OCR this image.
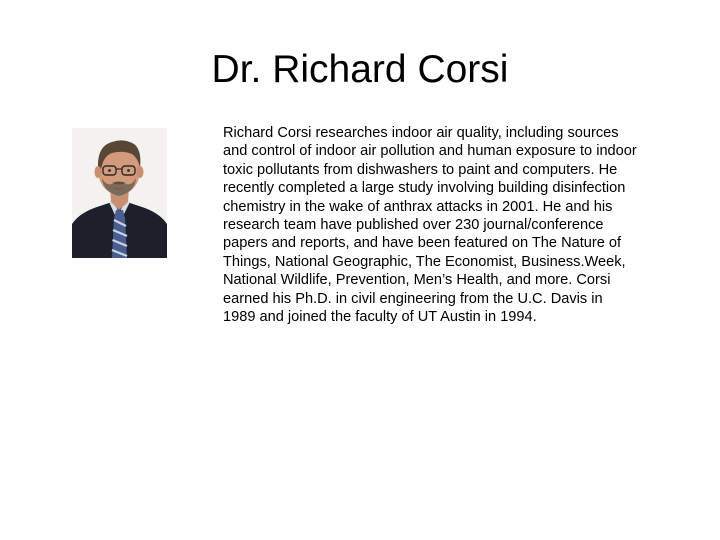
Dr. Richard Corsi
Richard Corsi researches indoor air quality, including sources
and control of indoor air pollution and human exposure to indoor
toxic pollutants from dishwashers to paint and computers. He
recently completed a large study involving building disinfection
chemistry in the wake of anthrax attacks in 2001. He and his
research team have published over 230 journal/conference
papers and reports, and have been featured on The Nature of
Things, National Geographic, The Economist, Business.Week,
National Wildlife, Prevention, Men’s Health, and more. Corsi
earned his Ph.D. in civil engineering from the U.C. Davis in
1989 and joined the faculty of UT Austin in 1994.
